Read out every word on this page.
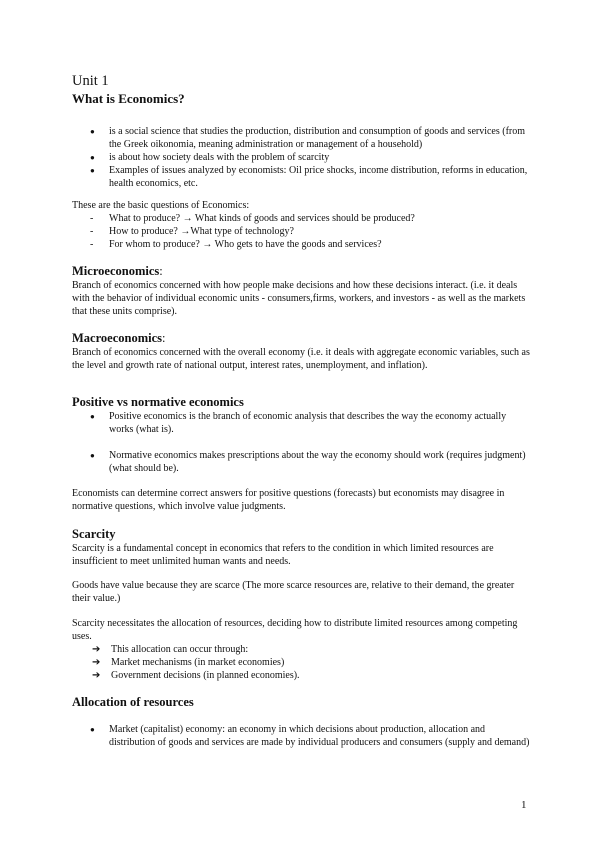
Unit 1
What is Economics?
●
is a social science that studies the production, distribution and consumption of goods and services (from the Greek oikonomia, meaning administration or management of a household)
●
is about how society deals with the problem of scarcity
●
Examples of issues analyzed by economists: Oil price shocks, income distribution, reforms in education, health economics, etc.
These are the basic questions of Economics:
-
What to produce? → What kinds of goods and services should be produced?
-
How to produce? →What type of technology?
-
For whom to produce? → Who gets to have the goods and services?
Microeconomics:
Branch of economics concerned with how people make decisions and how these decisions interact. (i.e. it deals with the behavior of individual economic units - consumers,firms, workers, and investors - as well as the markets that these units comprise).
Macroeconomics:
Branch of economics concerned with the overall economy (i.e. it deals with aggregate economic variables, such as the level and growth rate of national output, interest rates, unemployment, and inflation).
Positive vs normative economics
●
Positive economics is the branch of economic analysis that describes the way the economy actually works (what is).
●
Normative economics makes prescriptions about the way the economy should work (requires judgment)(what should be).
Economists can determine correct answers for positive questions (forecasts) but economists may disagree in normative questions, which involve value judgments.
Scarcity
Scarcity is a fundamental concept in economics that refers to the condition in which limited resources are insufficient to meet unlimited human wants and needs.
Goods have value because they are scarce (The more scarce resources are, relative to their demand, the greater their value.)
Scarcity necessitates the allocation of resources, deciding how to distribute limited resources among competing uses.
➔
This allocation can occur through:
➔
Market mechanisms (in market economies)
➔
Government decisions (in planned economies).
Allocation of resources
●
Market (capitalist) economy: an economy in which decisions about production, allocation and distribution of goods and services are made by individual producers and consumers (supply and demand)
1
